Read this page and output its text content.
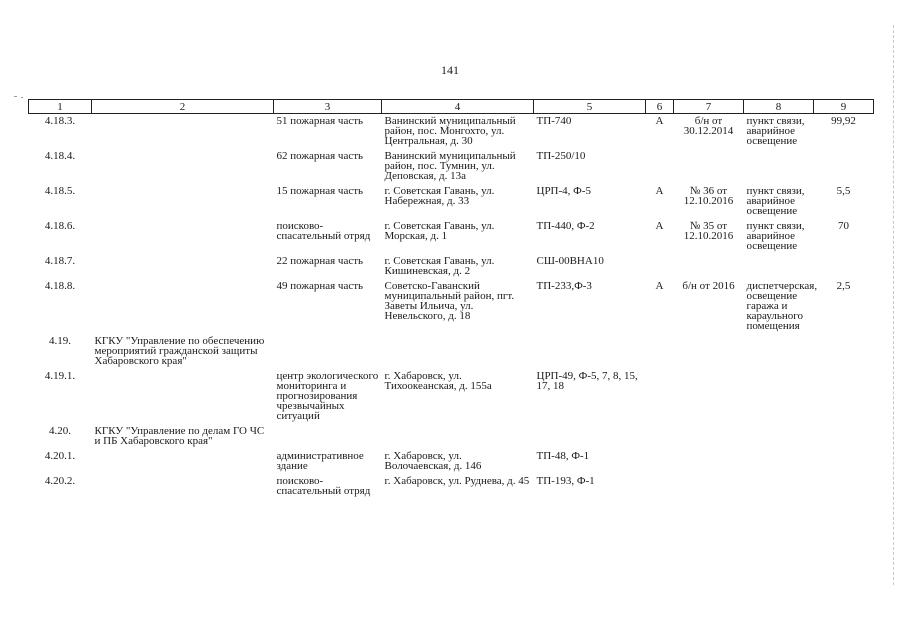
141
1	2	3	4	5	6	7	8	9
4.18.3.		51 пожарная часть	Ванинский муниципальный район, пос. Монгохто, ул. Центральная, д. 30	ТП-740	А	б/н от 30.12.2014	пункт связи, аварийное освещение	99,92
4.18.4.		62 пожарная часть	Ванинский муниципальный район, пос. Тумнин, ул. Деповская, д. 13а	ТП-250/10				
4.18.5.		15 пожарная часть	г. Советская Гавань, ул. Набережная, д. 33	ЦРП-4, Ф-5	А	№ 36 от 12.10.2016	пункт связи, аварийное освещение	5,5
4.18.6.		поисково-спасательный отряд	г. Советская Гавань, ул. Морская, д. 1	ТП-440, Ф-2	А	№ 35 от 12.10.2016	пункт связи, аварийное освещение	70
4.18.7.		22 пожарная часть	г. Советская Гавань, ул. Кишиневская, д. 2	СШ-00ВНА10				
4.18.8.		49 пожарная часть	Советско-Гаванский муниципальный район, пгт. Заветы Ильича, ул. Невельского, д. 18	ТП-233,Ф-3	А	б/н от 2016	диспетчерская, освещение гаража и караульного помещения	2,5
4.19.	КГКУ "Управление по обеспечению мероприятий гражданской защиты Хабаровского края"							
4.19.1.		центр экологического мониторинга и прогнозирования чрезвычайных ситуаций	г. Хабаровск, ул. Тихоокеанская, д. 155а	ЦРП-49, Ф-5, 7, 8, 15, 17, 18				
4.20.	КГКУ "Управление по делам ГО ЧС и ПБ Хабаровского края"							
4.20.1.		административное здание	г. Хабаровск, ул. Волочаевская, д. 146	ТП-48, Ф-1				
4.20.2.		поисково-спасательный отряд	г. Хабаровск, ул. Руднева, д. 45	ТП-193, Ф-1				
